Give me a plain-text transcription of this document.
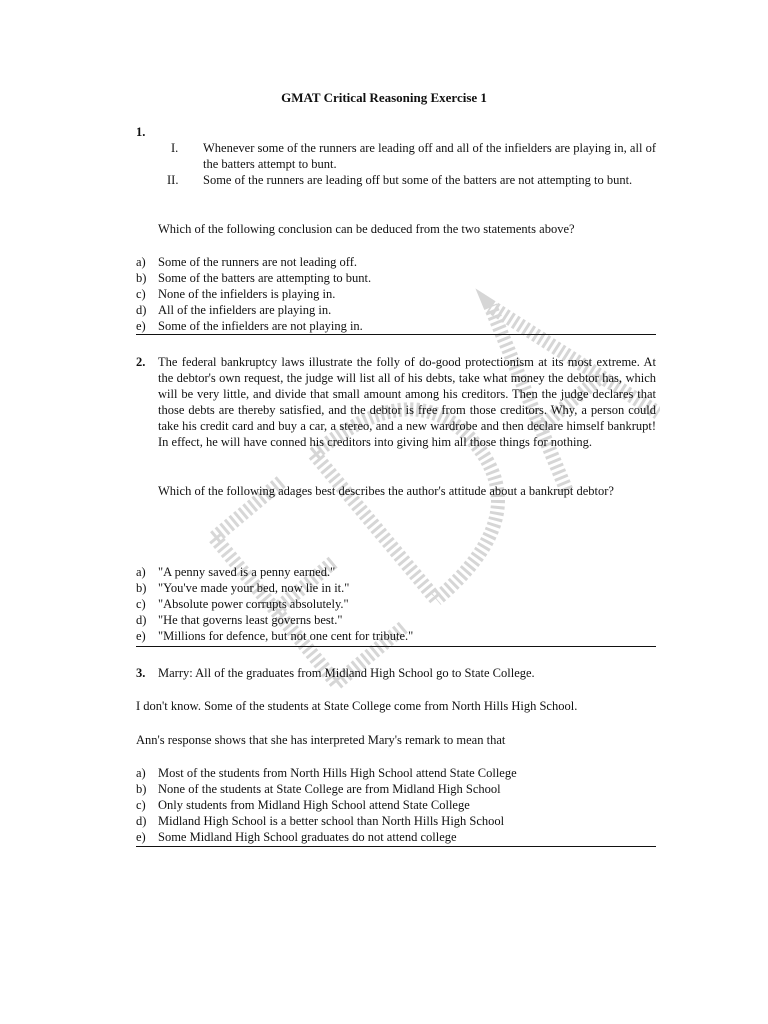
GMAT Critical Reasoning Exercise 1
1.
I. Whenever some of the runners are leading off and all of the infielders are playing in, all of the batters attempt to bunt.
II. Some of the runners are leading off but some of the batters are not attempting to bunt.
Which of the following conclusion can be deduced from the two statements above?
a) Some of the runners are not leading off.
b) Some of the batters are attempting to bunt.
c) None of the infielders is playing in.
d) All of the infielders are playing in.
e) Some of the infielders are not playing in.
2. The federal bankruptcy laws illustrate the folly of do-good protectionism at its most extreme. At the debtor's own request, the judge will list all of his debts, take what money the debtor has, which will be very little, and divide that small amount among his creditors. Then the judge declares that those debts are thereby satisfied, and the debtor is free from those creditors. Why, a person could take his credit card and buy a car, a stereo, and a new wardrobe and then declare himself bankrupt! In effect, he will have conned his creditors into giving him all those things for nothing.
Which of the following adages best describes the author's attitude about a bankrupt debtor?
a) "A penny saved is a penny earned."
b) "You've made your bed, now lie in it."
c) "Absolute power corrupts absolutely."
d) "He that governs least governs best."
e) "Millions for defence, but not one cent for tribute."
3. Marry: All of the graduates from Midland High School go to State College.
I don't know. Some of the students at State College come from North Hills High School.
Ann's response shows that she has interpreted Mary's remark to mean that
a) Most of the students from North Hills High School attend State College
b) None of the students at State College are from Midland High School
c) Only students from Midland High School attend State College
d) Midland High School is a better school than North Hills High School
e) Some Midland High School graduates do not attend college
